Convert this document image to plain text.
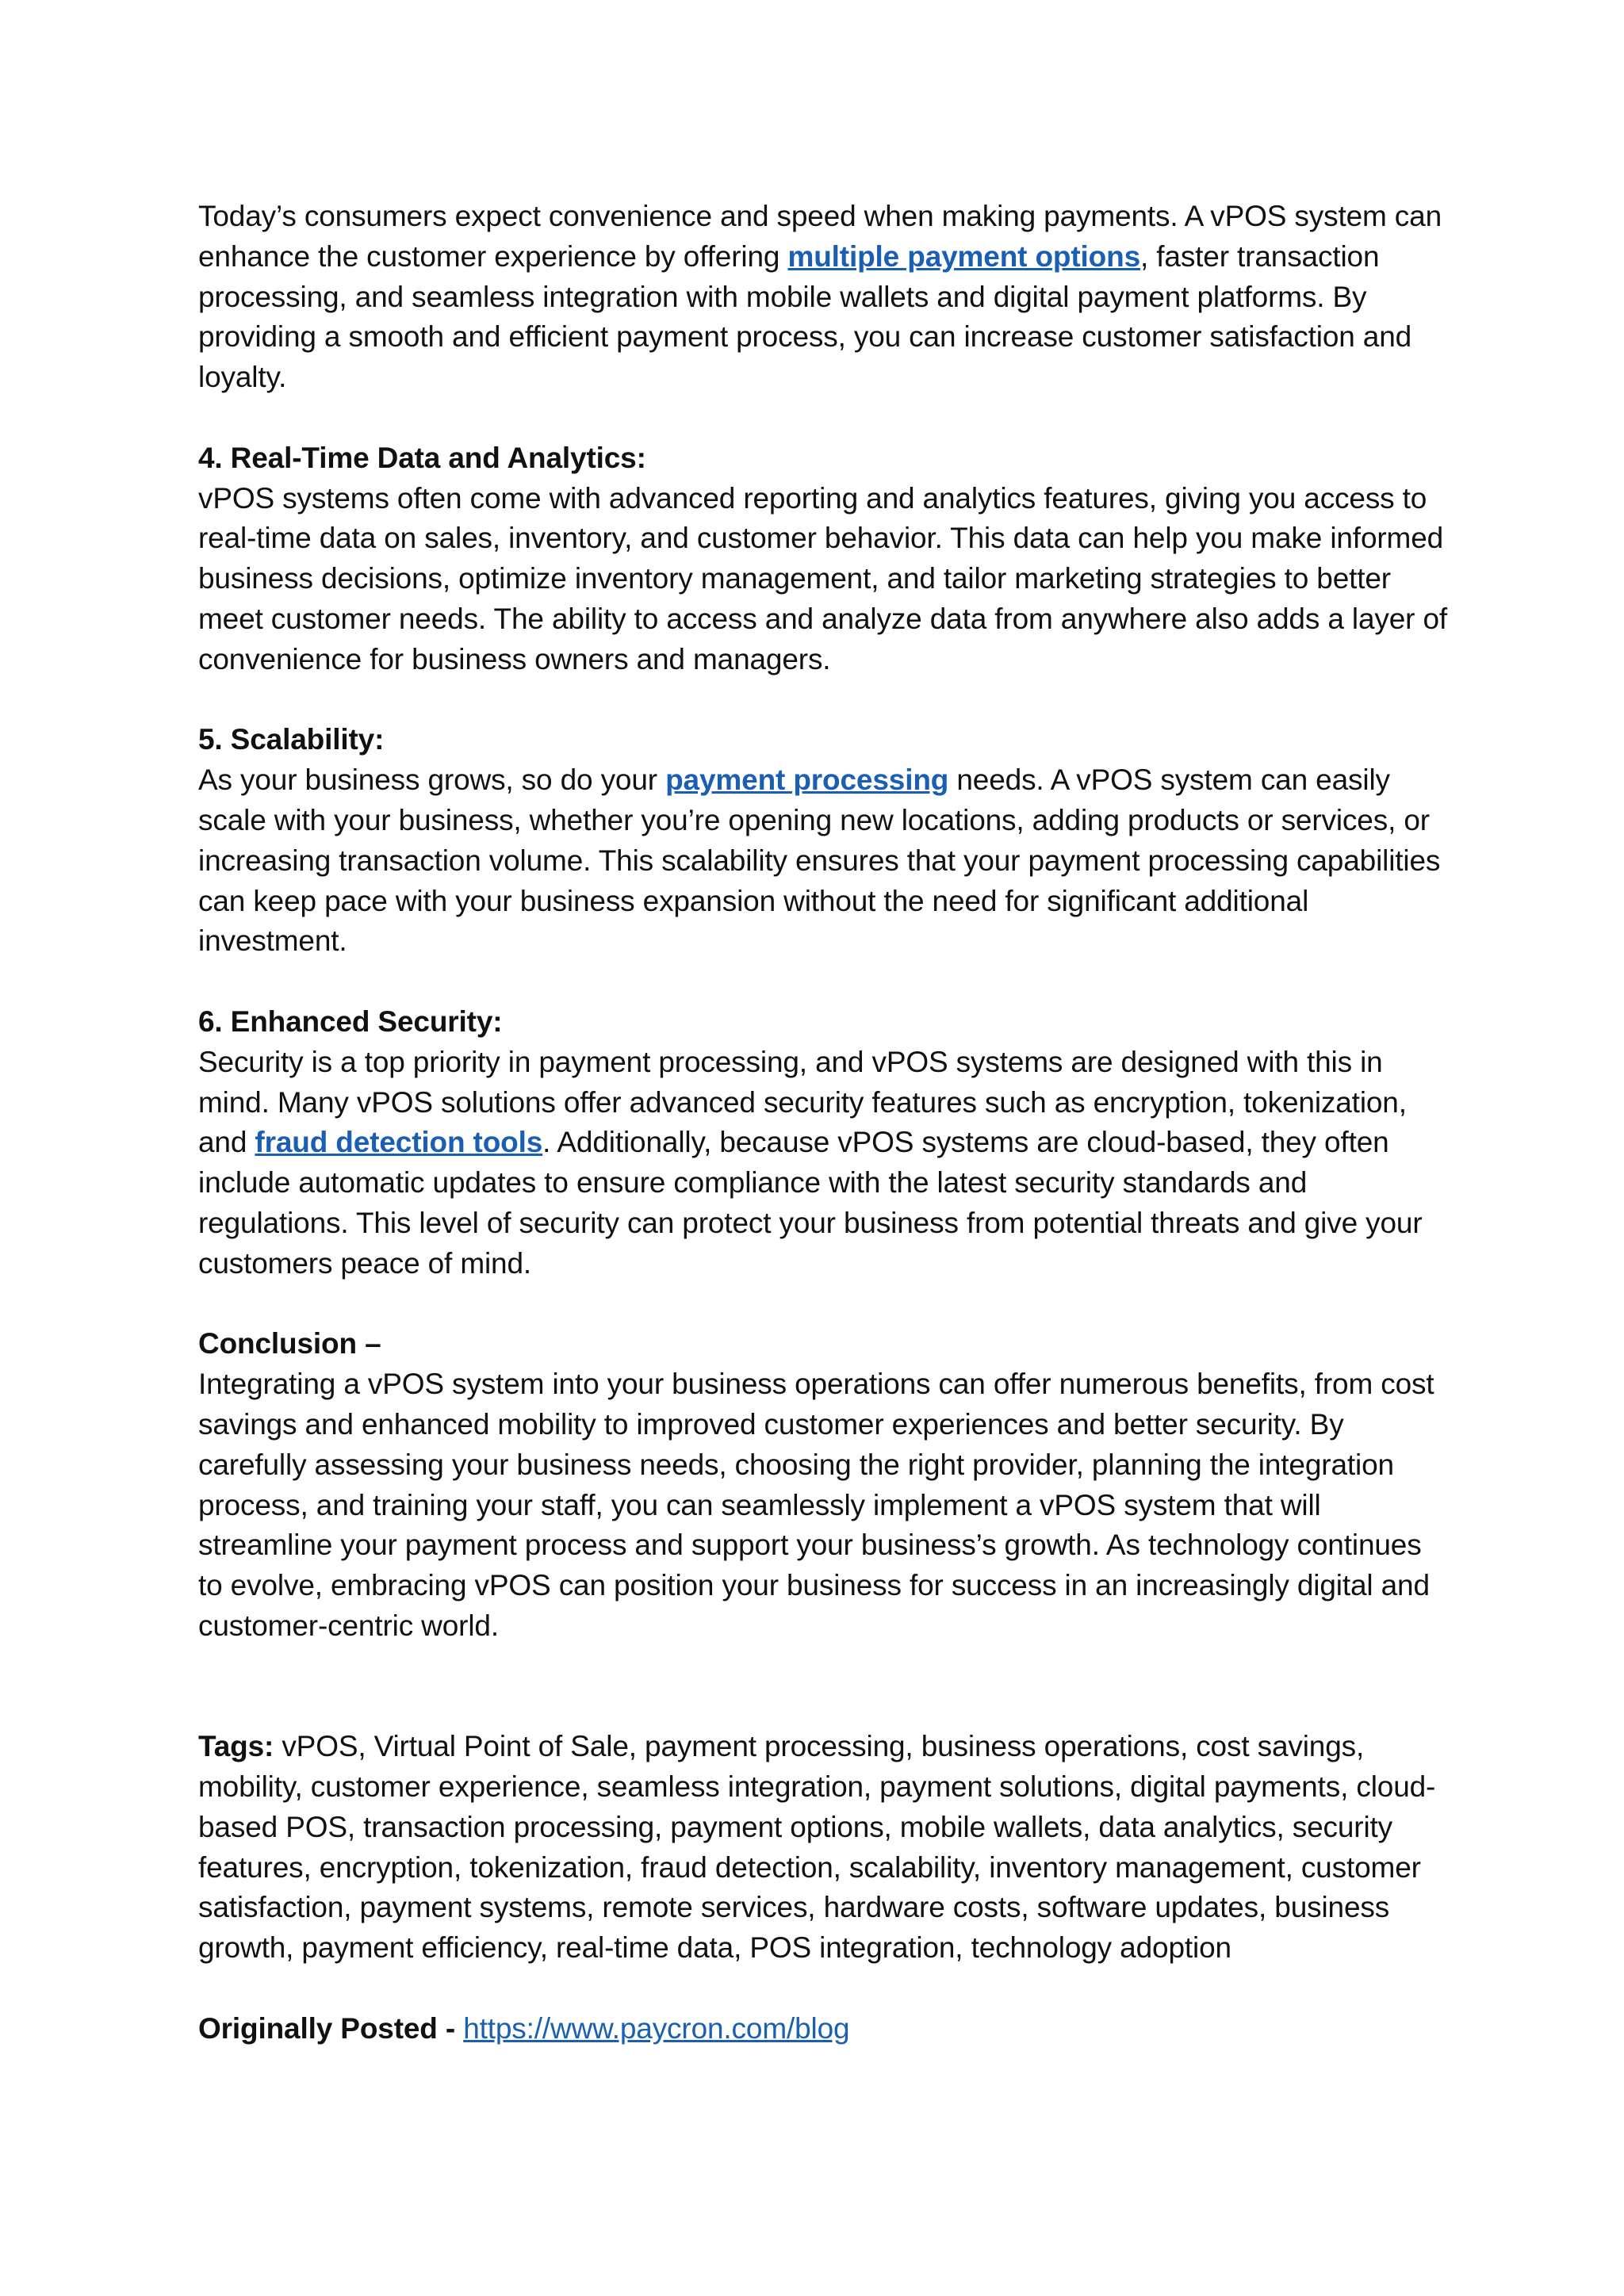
Today’s consumers expect convenience and speed when making payments. A vPOS system can enhance the customer experience by offering multiple payment options, faster transaction processing, and seamless integration with mobile wallets and digital payment platforms. By providing a smooth and efficient payment process, you can increase customer satisfaction and loyalty.

4. Real-Time Data and Analytics:

vPOS systems often come with advanced reporting and analytics features, giving you access to real-time data on sales, inventory, and customer behavior. This data can help you make informed business decisions, optimize inventory management, and tailor marketing strategies to better meet customer needs. The ability to access and analyze data from anywhere also adds a layer of convenience for business owners and managers.

5. Scalability:

As your business grows, so do your payment processing needs. A vPOS system can easily scale with your business, whether you’re opening new locations, adding products or services, or increasing transaction volume. This scalability ensures that your payment processing capabilities can keep pace with your business expansion without the need for significant additional investment.

6. Enhanced Security:

Security is a top priority in payment processing, and vPOS systems are designed with this in mind. Many vPOS solutions offer advanced security features such as encryption, tokenization, and fraud detection tools. Additionally, because vPOS systems are cloud-based, they often include automatic updates to ensure compliance with the latest security standards and regulations. This level of security can protect your business from potential threats and give your customers peace of mind.

Conclusion –

Integrating a vPOS system into your business operations can offer numerous benefits, from cost savings and enhanced mobility to improved customer experiences and better security. By carefully assessing your business needs, choosing the right provider, planning the integration process, and training your staff, you can seamlessly implement a vPOS system that will streamline your payment process and support your business’s growth. As technology continues to evolve, embracing vPOS can position your business for success in an increasingly digital and customer-centric world.

Tags: vPOS, Virtual Point of Sale, payment processing, business operations, cost savings, mobility, customer experience, seamless integration, payment solutions, digital payments, cloud-based POS, transaction processing, payment options, mobile wallets, data analytics, security features, encryption, tokenization, fraud detection, scalability, inventory management, customer satisfaction, payment systems, remote services, hardware costs, software updates, business growth, payment efficiency, real-time data, POS integration, technology adoption

Originally Posted - https://www.paycron.com/blog
